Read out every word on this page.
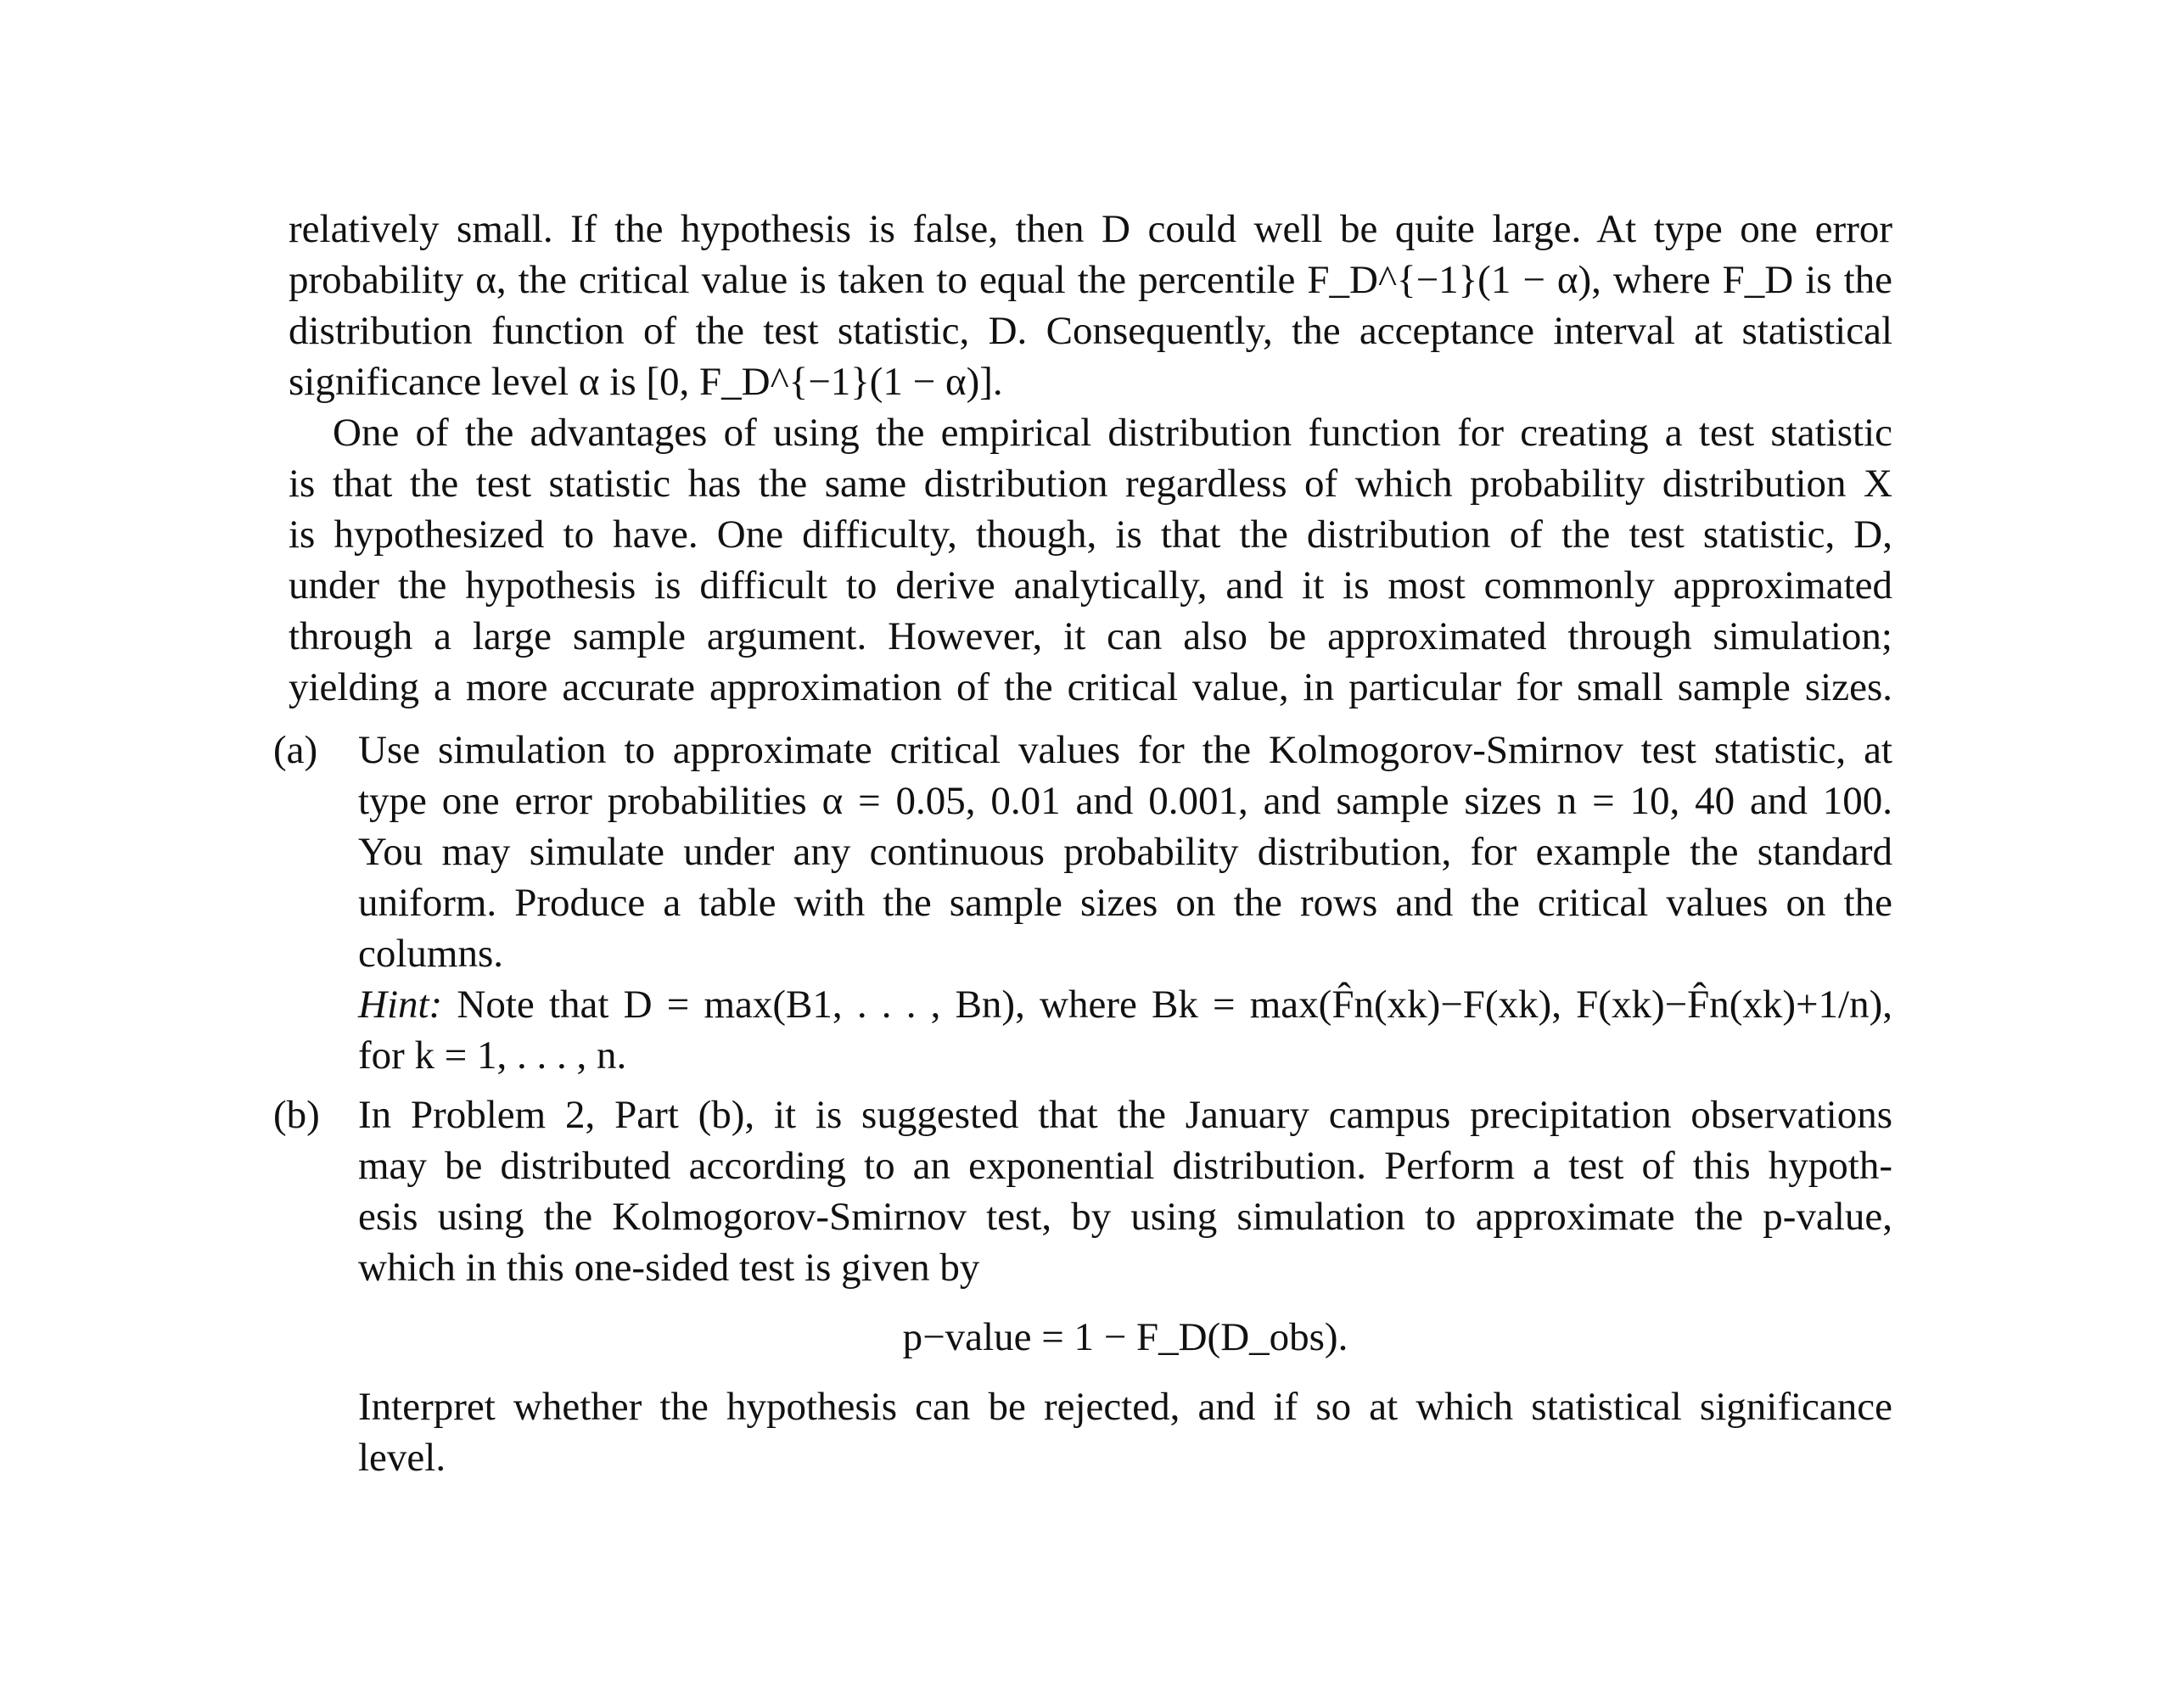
relatively small. If the hypothesis is false, then D could well be quite large. At type one error
probability α, the critical value is taken to equal the percentile F_D^{−1}(1 − α), where F_D is the
distribution function of the test statistic, D. Consequently, the acceptance interval at statistical
significance level α is [0, F_D^{−1}(1 − α)].
One of the advantages of using the empirical distribution function for creating a test statistic
is that the test statistic has the same distribution regardless of which probability distribution X
is hypothesized to have. One difficulty, though, is that the distribution of the test statistic, D,
under the hypothesis is difficult to derive analytically, and it is most commonly approximated
through a large sample argument. However, it can also be approximated through simulation;
yielding a more accurate approximation of the critical value, in particular for small sample sizes.
(a) Use simulation to approximate critical values for the Kolmogorov-Smirnov test statistic, at
type one error probabilities α = 0.05, 0.01 and 0.001, and sample sizes n = 10, 40 and 100.
You may simulate under any continuous probability distribution, for example the standard
uniform. Produce a table with the sample sizes on the rows and the critical values on the
columns.
Hint: Note that D = max(B1, . . . , Bn), where Bk = max(F̂n(xk)−F(xk), F(xk)−F̂n(xk)+1/n),
for k = 1, . . . , n.
(b) In Problem 2, Part (b), it is suggested that the January campus precipitation observations
may be distributed according to an exponential distribution. Perform a test of this hypoth-
esis using the Kolmogorov-Smirnov test, by using simulation to approximate the p-value,
which in this one-sided test is given by
p−value = 1 − F_D(D_obs).
Interpret whether the hypothesis can be rejected, and if so at which statistical significance
level.
